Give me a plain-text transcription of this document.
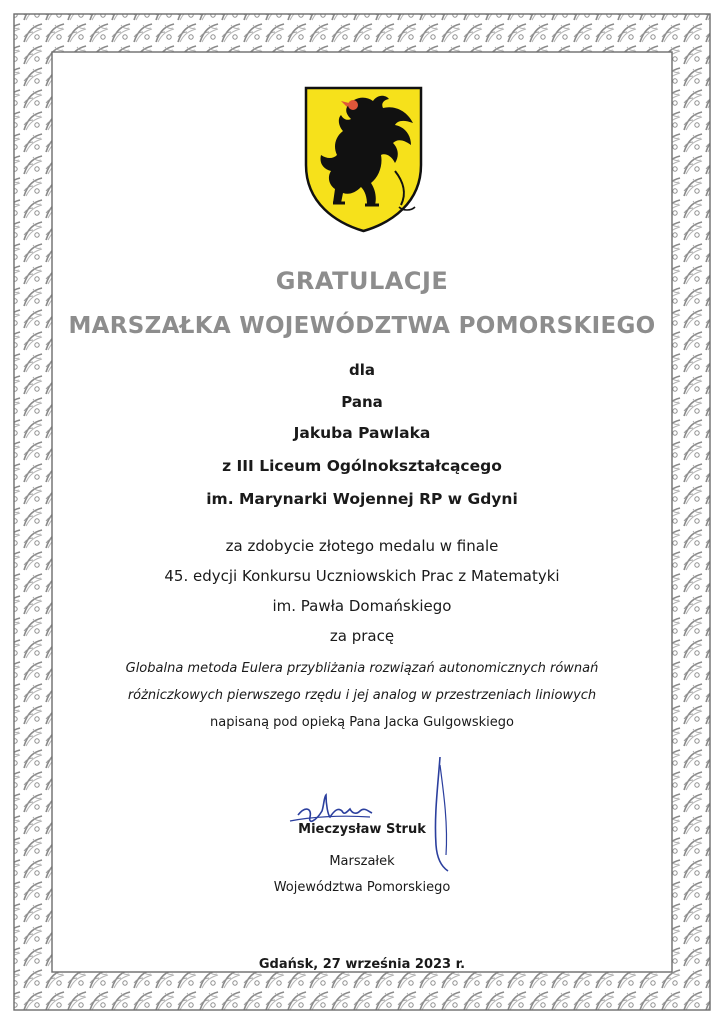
GRATULACJE
MARSZAŁKA WOJEWÓDZTWA POMORSKIEGO
dla
Pana
Jakuba Pawlaka
z III Liceum Ogólnokształcącego
im. Marynarki Wojennej RP w Gdyni
za zdobycie złotego medalu w finale
45. edycji Konkursu Uczniowskich Prac z Matematyki
im. Pawła Domańskiego
za pracę
Globalna metoda Eulera przybliżania rozwiązań autonomicznych równań
różniczkowych pierwszego rzędu i jej analog w przestrzeniach liniowych
napisaną pod opieką Pana Jacka Gulgowskiego
Mieczysław Struk
Marszałek
Województwa Pomorskiego
Gdańsk, 27 września 2023 r.
